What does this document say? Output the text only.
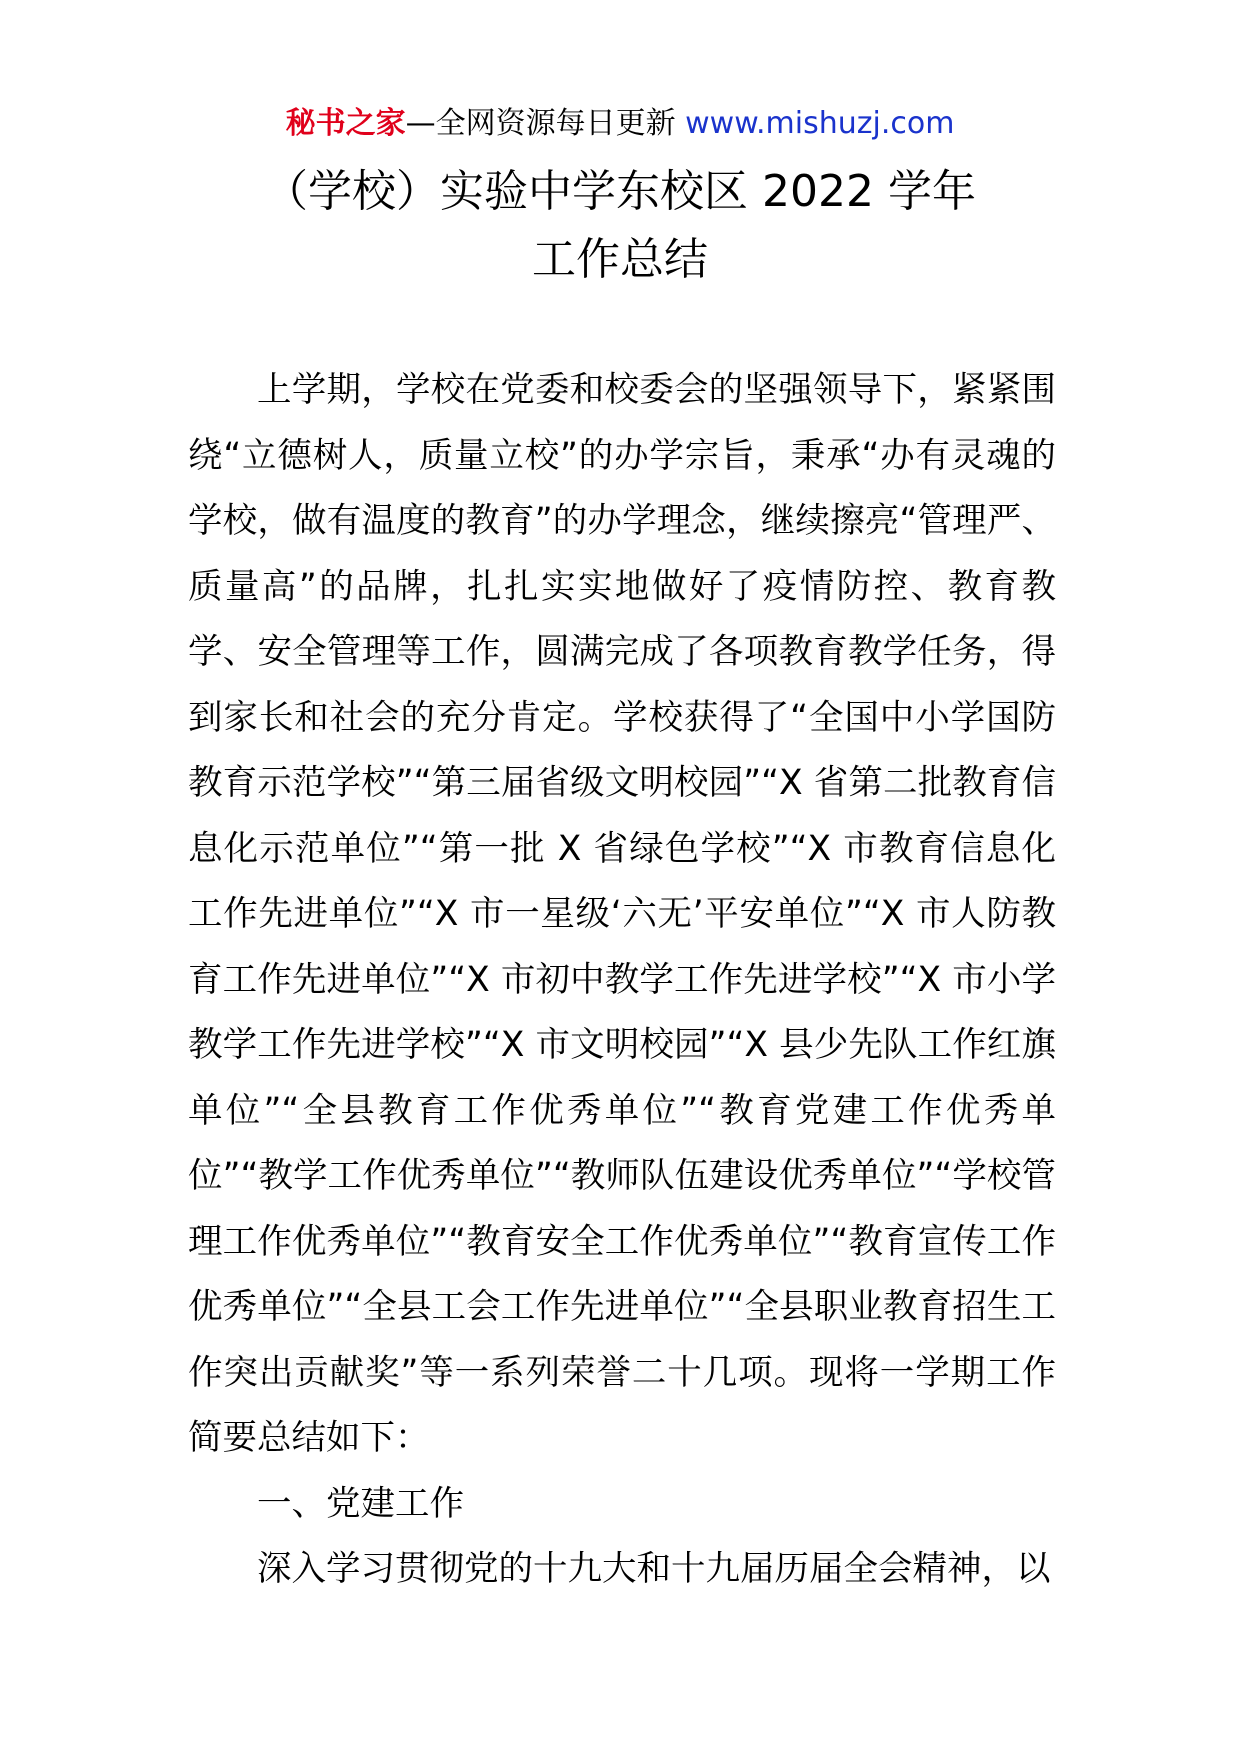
秘书之家—全网资源每日更新 www.mishuzj.com
（学校）实验中学东校区 2022 学年
工作总结

上学期，学校在党委和校委会的坚强领导下，紧紧围绕“立德树人，质量立校”的办学宗旨，秉承“办有灵魂的学校，做有温度的教育”的办学理念，继续擦亮“管理严、质量高”的品牌，扎扎实实地做好了疫情防控、教育教学、安全管理等工作，圆满完成了各项教育教学任务，得到家长和社会的充分肯定。学校获得了“全国中小学国防教育示范学校”“第三届省级文明校园”“X 省第二批教育信息化示范单位”“第一批 X 省绿色学校”“X 市教育信息化工作先进单位”“X 市一星级‘六无’平安单位”“X 市人防教育工作先进单位”“X 市初中教学工作先进学校”“X 市小学教学工作先进学校”“X 市文明校园”“X 县少先队工作红旗单位”“全县教育工作优秀单位”“教育党建工作优秀单位”“教学工作优秀单位”“教师队伍建设优秀单位”“学校管理工作优秀单位”“教育安全工作优秀单位”“教育宣传工作优秀单位”“全县工会工作先进单位”“全县职业教育招生工作突出贡献奖”等一系列荣誉二十几项。现将一学期工作简要总结如下：

一、党建工作

深入学习贯彻党的十九大和十九届历届全会精神，以
